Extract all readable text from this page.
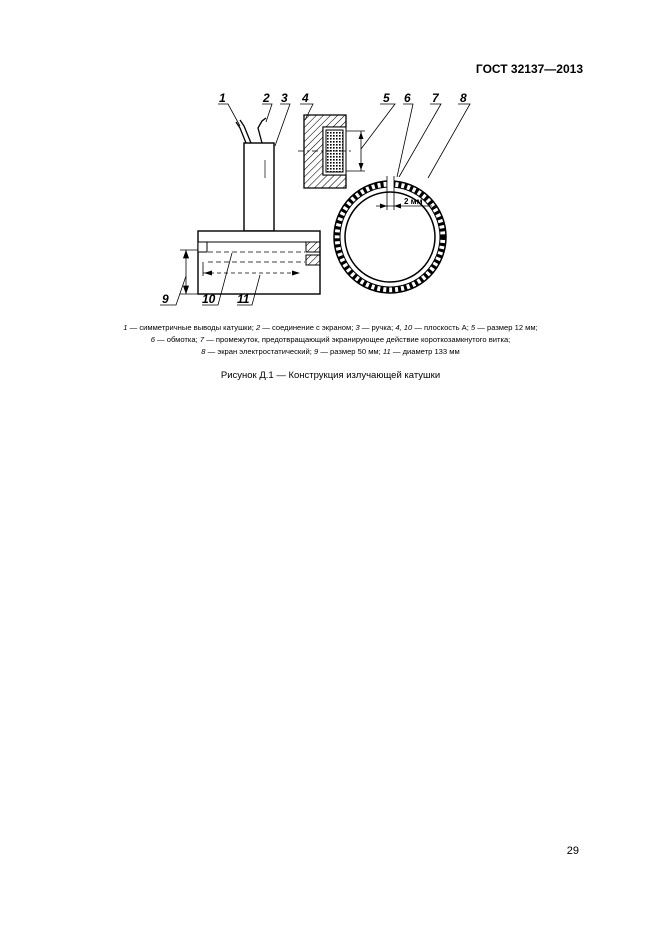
ГОСТ 32137—2013
1	2 3 4	5 6 7 8
9	10 11
2 мм
1 — симметричные выводы катушки; 2 — соединение с экраном; 3 — ручка; 4, 10 — плоскость А; 5 — размер 12 мм;
6 — обмотка; 7 — промежуток, предотвращающий экранирующее действие короткозамкнутого витка;
8 — экран электростатический; 9 — размер 50 мм; 11 — диаметр 133 мм
Рисунок Д.1 — Конструкция излучающей катушки
29
